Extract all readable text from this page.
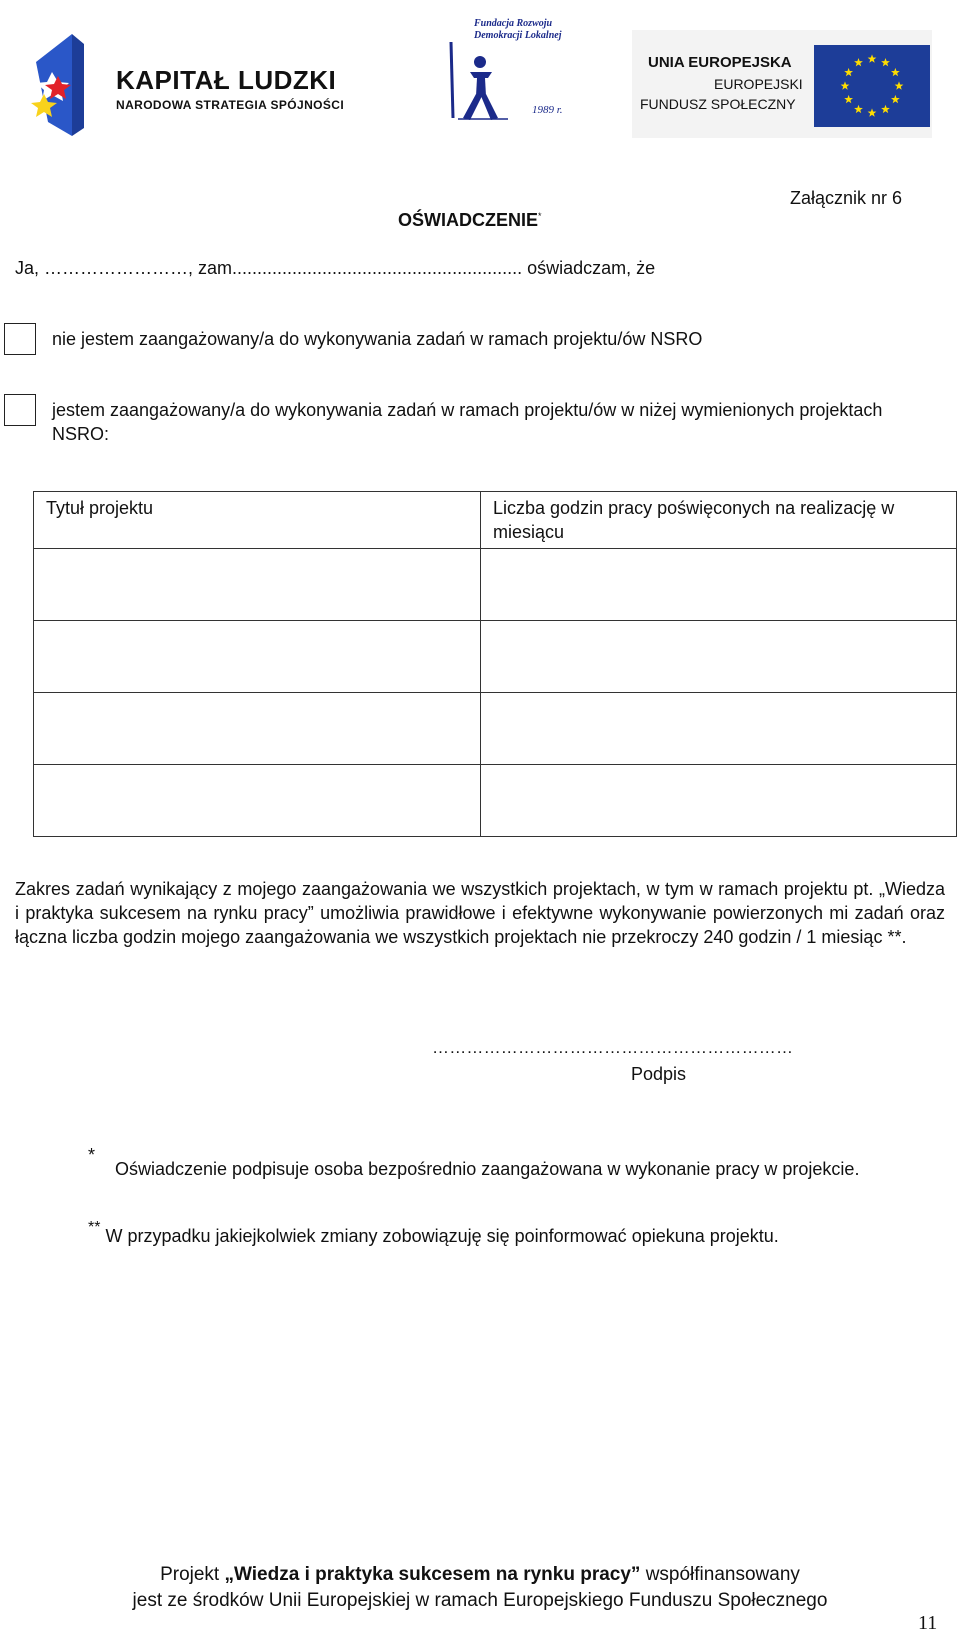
KAPITAŁ LUDZKI
NARODOWA STRATEGIA SPÓJNOŚCI
Fundacja Rozwoju
Demokracji Lokalnej
1989 r.
UNIA EUROPEJSKA
EUROPEJSKI
FUNDUSZ SPOŁECZNY
Załącznik nr 6
OŚWIADCZENIE*
Ja, ……………………, zam.......................................................... oświadczam, że
nie jestem zaangażowany/a do wykonywania zadań w ramach projektu/ów NSRO
jestem zaangażowany/a do wykonywania zadań w ramach projektu/ów w niżej wymienionych projektach NSRO:
Tytuł projektu	Liczba godzin pracy poświęconych na realizację w miesiącu

Zakres zadań wynikający z mojego zaangażowania we wszystkich projektach, w tym w ramach projektu pt. „Wiedza i praktyka sukcesem na rynku pracy” umożliwia prawidłowe i efektywne wykonywanie powierzonych mi zadań oraz łączna liczba godzin mojego zaangażowania we wszystkich projektach nie przekroczy 240 godzin / 1 miesiąc **.
………………………………………………………
Podpis
*
Oświadczenie podpisuje osoba bezpośrednio zaangażowana w wykonanie pracy w projekcie.
** W przypadku jakiejkolwiek zmiany zobowiązuję się poinformować opiekuna projektu.
Projekt „Wiedza i praktyka sukcesem na rynku pracy” współfinansowany
jest ze środków Unii Europejskiej w ramach Europejskiego Funduszu Społecznego
11
